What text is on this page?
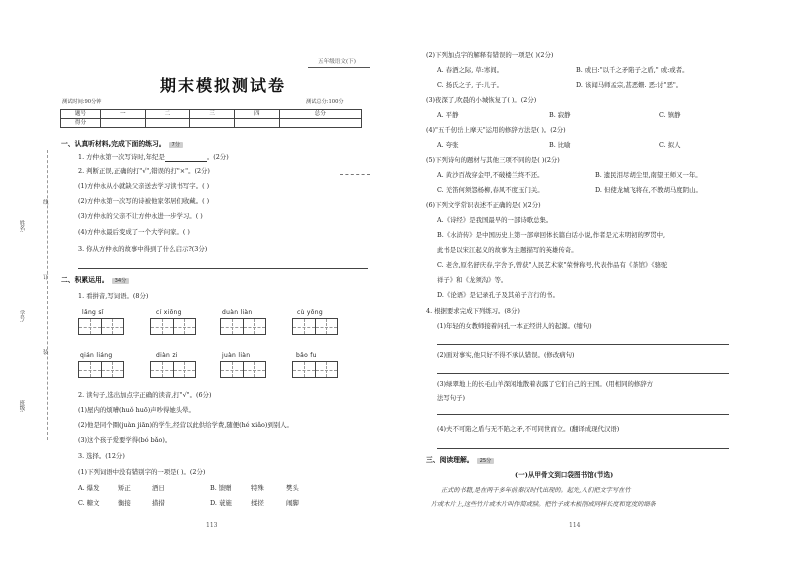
五年级语文(下)
期末模拟测试卷
测试时间:90分钟	测试总分:100分
题号	一	二	三	四	总分
得分					
姓名:
学号:
班级:
线
订
装
一、认真听材料,完成下面的练习。 7分
1. 方仲永第一次写诗时,年纪是	。(2分)
2. 判断正误,正确的打"√",错误的打"×"。(2分)
(1)方仲永从小就缺父亲送去学习读书写字。( )
(2)方仲永第一次写的诗被他家邻居们收藏。( )
(3)方仲永的父亲不让方仲永进一步学习。( )
(4)方仲永最后变成了一个大学问家。( )
3. 你从方仲永的故事中得到了什么启示?(3分)
二、积累运用。 34分
1. 看拼音,写词语。(8分)
lǎng sǐ	cí xiōng	duàn liàn	cù yōng
qián liáng	diàn zi	juàn liàn	bǎo fu
2. 读句子,选出加点字正确的读音,打"√"。(6分)
(1)屋内的烦嘈(huǒ huō)声吵得她头晕。
(2)他是同个圈(juàn jiān)的学生,经营以此供给学费,随便(hé xiǎo)到别人。
(3)这个孩子爱要学得(bó bǎo)。
3. 选择。(12分)
(1)下列词语中没有错别字的一项是( )。(2分)
A. 爆发	矫正	酒日	B. 馈赠	特殊	樊头
C. 糖文	衡接	措措	D. 蓑施	揉搓	闹脚
113
(2)下列加点字的解释有错误的一项是( )(2分)
A. 春酒之际, 草:寒间。	B. 或曰:"以千之矛陷子之盾," 或:或者。
C. 扬氏之子, 子:儿子。	D. 该闻马师孟宗,甚恶姗. 恶:讨"恶"。
(3)夜深了,吹晨的小城恢复了( )。(2分)
A. 平静	B. 寂静	C. 镇静
(4)"五千仞岳上摩天"运用的修辞方法是( )。(2分)
A. 夸张	B. 比喻	C. 拟人
(5)下列诗句的题材与其他三项不同的是( )(2分)
A. 黄沙百战穿金甲,不破楼兰终不还。	B. 遗民泪尽胡尘里,南望王师又一年。
C. 羌笛何须怨杨柳,春风不度玉门关。	D. 但使龙城飞将在,不教胡马度阴山。
(6)下列文学常识表述不正确的是( )(2分)
A.《诗经》是我国最早的一部诗歌总集。
B.《水浒传》是中国历史上第一部章回体长篇白话小说,作者是元末明初的罗贯中,
此书是以宋江起义的故事为主题描写的英雄传奇。
C. 老舍,原名舒庆春,字舍予,曾获"人民艺术家"荣誉称号,代表作品有《茶馆》《骆驼
祥子》和《龙须沟》等。
D.《论语》是记录孔子及其弟子言行的书。
4. 根据要求完成下列练习。(8分)
(1)年轻的女教师接着问孔一本正经讲人的起源。(缩句)
(2)面对事实,他只好不得不承认错误。(修改病句)
(3)绿翠地上的长毛山羊深闲地散着表露了它们自己的王国。(用相同的修辞方
法写句子)
(4)夫不可陷之盾与无不陷之矛,不可同世而立。(翻译成现代汉语)
三、阅读理解。 25分
(一)从甲骨文到口袋图书馆(节选)
正式的书籍,是在两千多年前秦汉时代出现的。起先,人们把文字写在竹
片或木片上,这些竹片或木片叫作简或牍。把竹子或木板削成同样长度和宽度的细条
114
